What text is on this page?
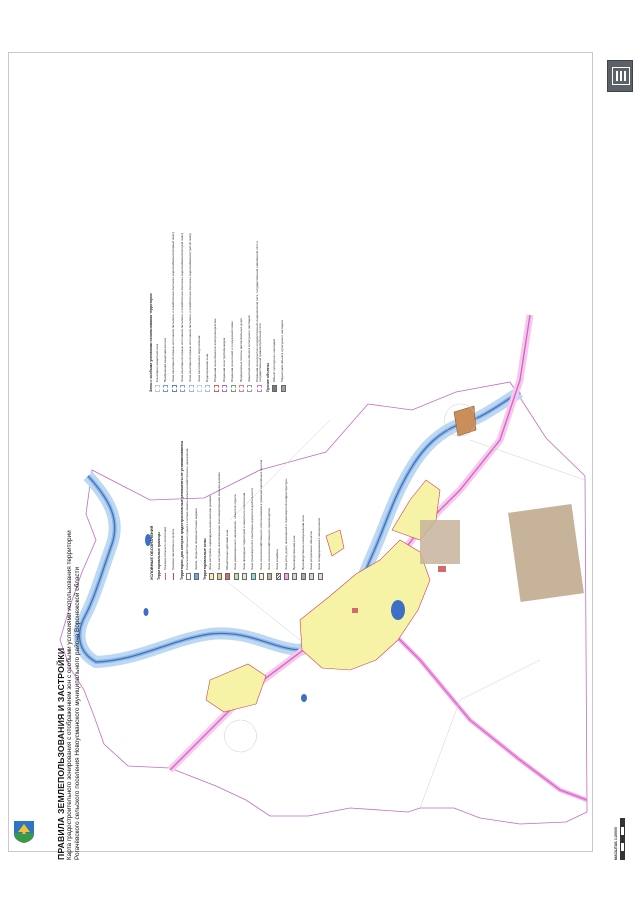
ПРАВИЛА ЗЕМЛЕПОЛЬЗОВАНИЯ И ЗАСТРОЙКИ Карта градостроительного зонирования с отображением зон с особыми условиями использования территории Рогачёвского сельского поселения Новоусманского муниципального района Воронежской области	МАСШТАБ 1:20000
УСЛОВНЫЕ ОБОЗНАЧЕНИЯ Территориальные границы Граница сельского поселения Граница населённого пункта Территории, для которых градостроительные регламенты не устанавливаются Сельскохозяйственные угодья в составе земель сельскохозяйственного назначения Земли, покрытые поверхностными водами Территориальные зоны Зона застройки индивидуальными жилыми домами Зона застройки малоэтажными многоквартирными жилыми домами Общественно-деловая зона Зона рекреационного назначения - объектов отдыха Зона природных территорий и защитного озеленения Зона транспортной и санитарно-курортной деятельности Зона сельскохозяйственного использования в границах населённых пунктов Зона сельскохозяйственного производства Зона кладбищ Зона улиц, дорог, инженерной и транспортной инфраструктуры Производственная зона Производственно-коммунальная зона Зона ритуальных объектов Зона складирования и захоронения
Зоны с особыми условиями использования территории Санитарно-защитная зона Прибрежная защитная полоса Зона санитарной охраны источников питьевого и хозяйственно-бытового водоснабжения (первый пояс) Зона санитарной охраны источников питьевого и хозяйственно-бытового водоснабжения (второй пояс) Зона санитарной охраны источников питьевого и хозяйственно-бытового водоснабжения (третий пояс) Зона затопления и подтопления Водоохранная зона Охранная зона объектов электроэнергетики Охранная зона трубопроводов Охранная зона линий и сооружений связи Придорожные полосы автомобильных дорог Защитная зона объекта культурного наследия Охранная зона пунктов государственной геодезической сети, государственной нивелирной сети и государственной гравиметрической сети Прочие объекты Объект культурного наследия Территория объекта культурного наследия
